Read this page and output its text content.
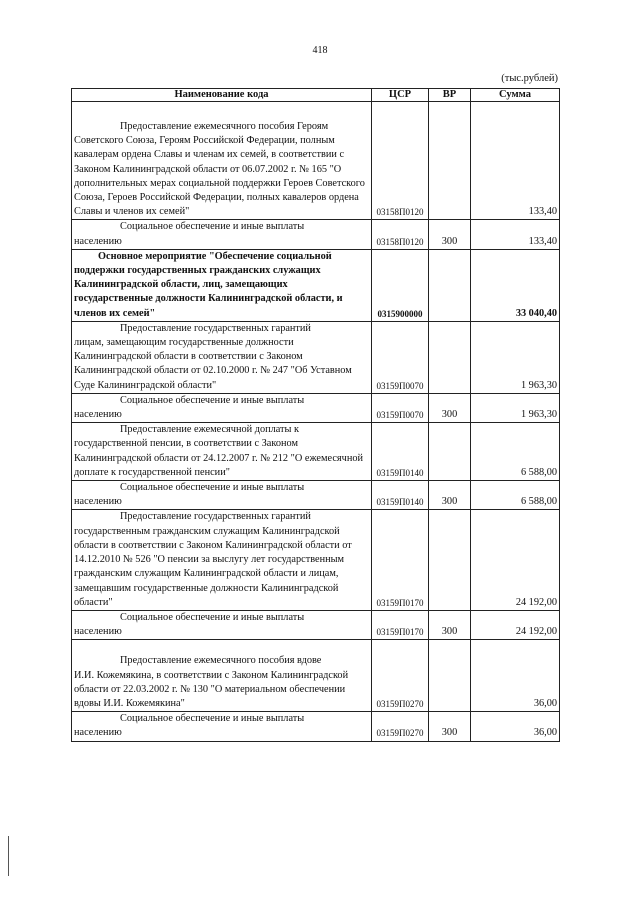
418
(тыс.рублей)
Наименование кода	ЦСР	ВР	Сумма

Предоставление ежемесячного пособия Героям
Советского Союза, Героям Российской Федерации, полным кавалерам ордена Славы и членам их семей, в соответствии с Законом Калининградской области от 06.07.2002 г. № 165 "О дополнительных мерах социальной поддержки Героев Советского Союза, Героев Российской Федерации, полных кавалеров ордена Славы и членов их семей"	03158П0120		133,40

Социальное обеспечение и иные выплаты
населению	03158П0120	300	133,40

Основное мероприятие "Обеспечение социальной
поддержки государственных гражданских служащих Калининградской области, лиц, замещающих государственные должности Калининградской области, и членов их семей"	0315900000		33 040,40

Предоставление государственных гарантий
лицам, замещающим государственные должности Калининградской области в соответствии с Законом Калининградской области от 02.10.2000 г. № 247 "Об Уставном Суде Калининградской области"	03159П0070		1 963,30

Социальное обеспечение и иные выплаты
населению	03159П0070	300	1 963,30

Предоставление ежемесячной доплаты к
государственной пенсии, в соответствии с Законом Калининградской области от 24.12.2007 г. № 212 "О ежемесячной доплате к государственной пенсии"	03159П0140		6 588,00

Социальное обеспечение и иные выплаты
населению	03159П0140	300	6 588,00

Предоставление государственных гарантий
государственным гражданским служащим Калининградской области в соответствии с Законом Калининградской области от 14.12.2010 № 526 "О пенсии за выслугу лет государственным гражданским служащим Калининградской области и лицам, замещавшим государственные должности Калининградской области"	03159П0170		24 192,00

Социальное обеспечение и иные выплаты
населению	03159П0170	300	24 192,00

Предоставление ежемесячного пособия вдове
И.И. Кожемякина, в соответствии с Законом Калининградской области от 22.03.2002 г. № 130 "О материальном обеспечении вдовы И.И. Кожемякина"	03159П0270		36,00

Социальное обеспечение и иные выплаты
населению	03159П0270	300	36,00
